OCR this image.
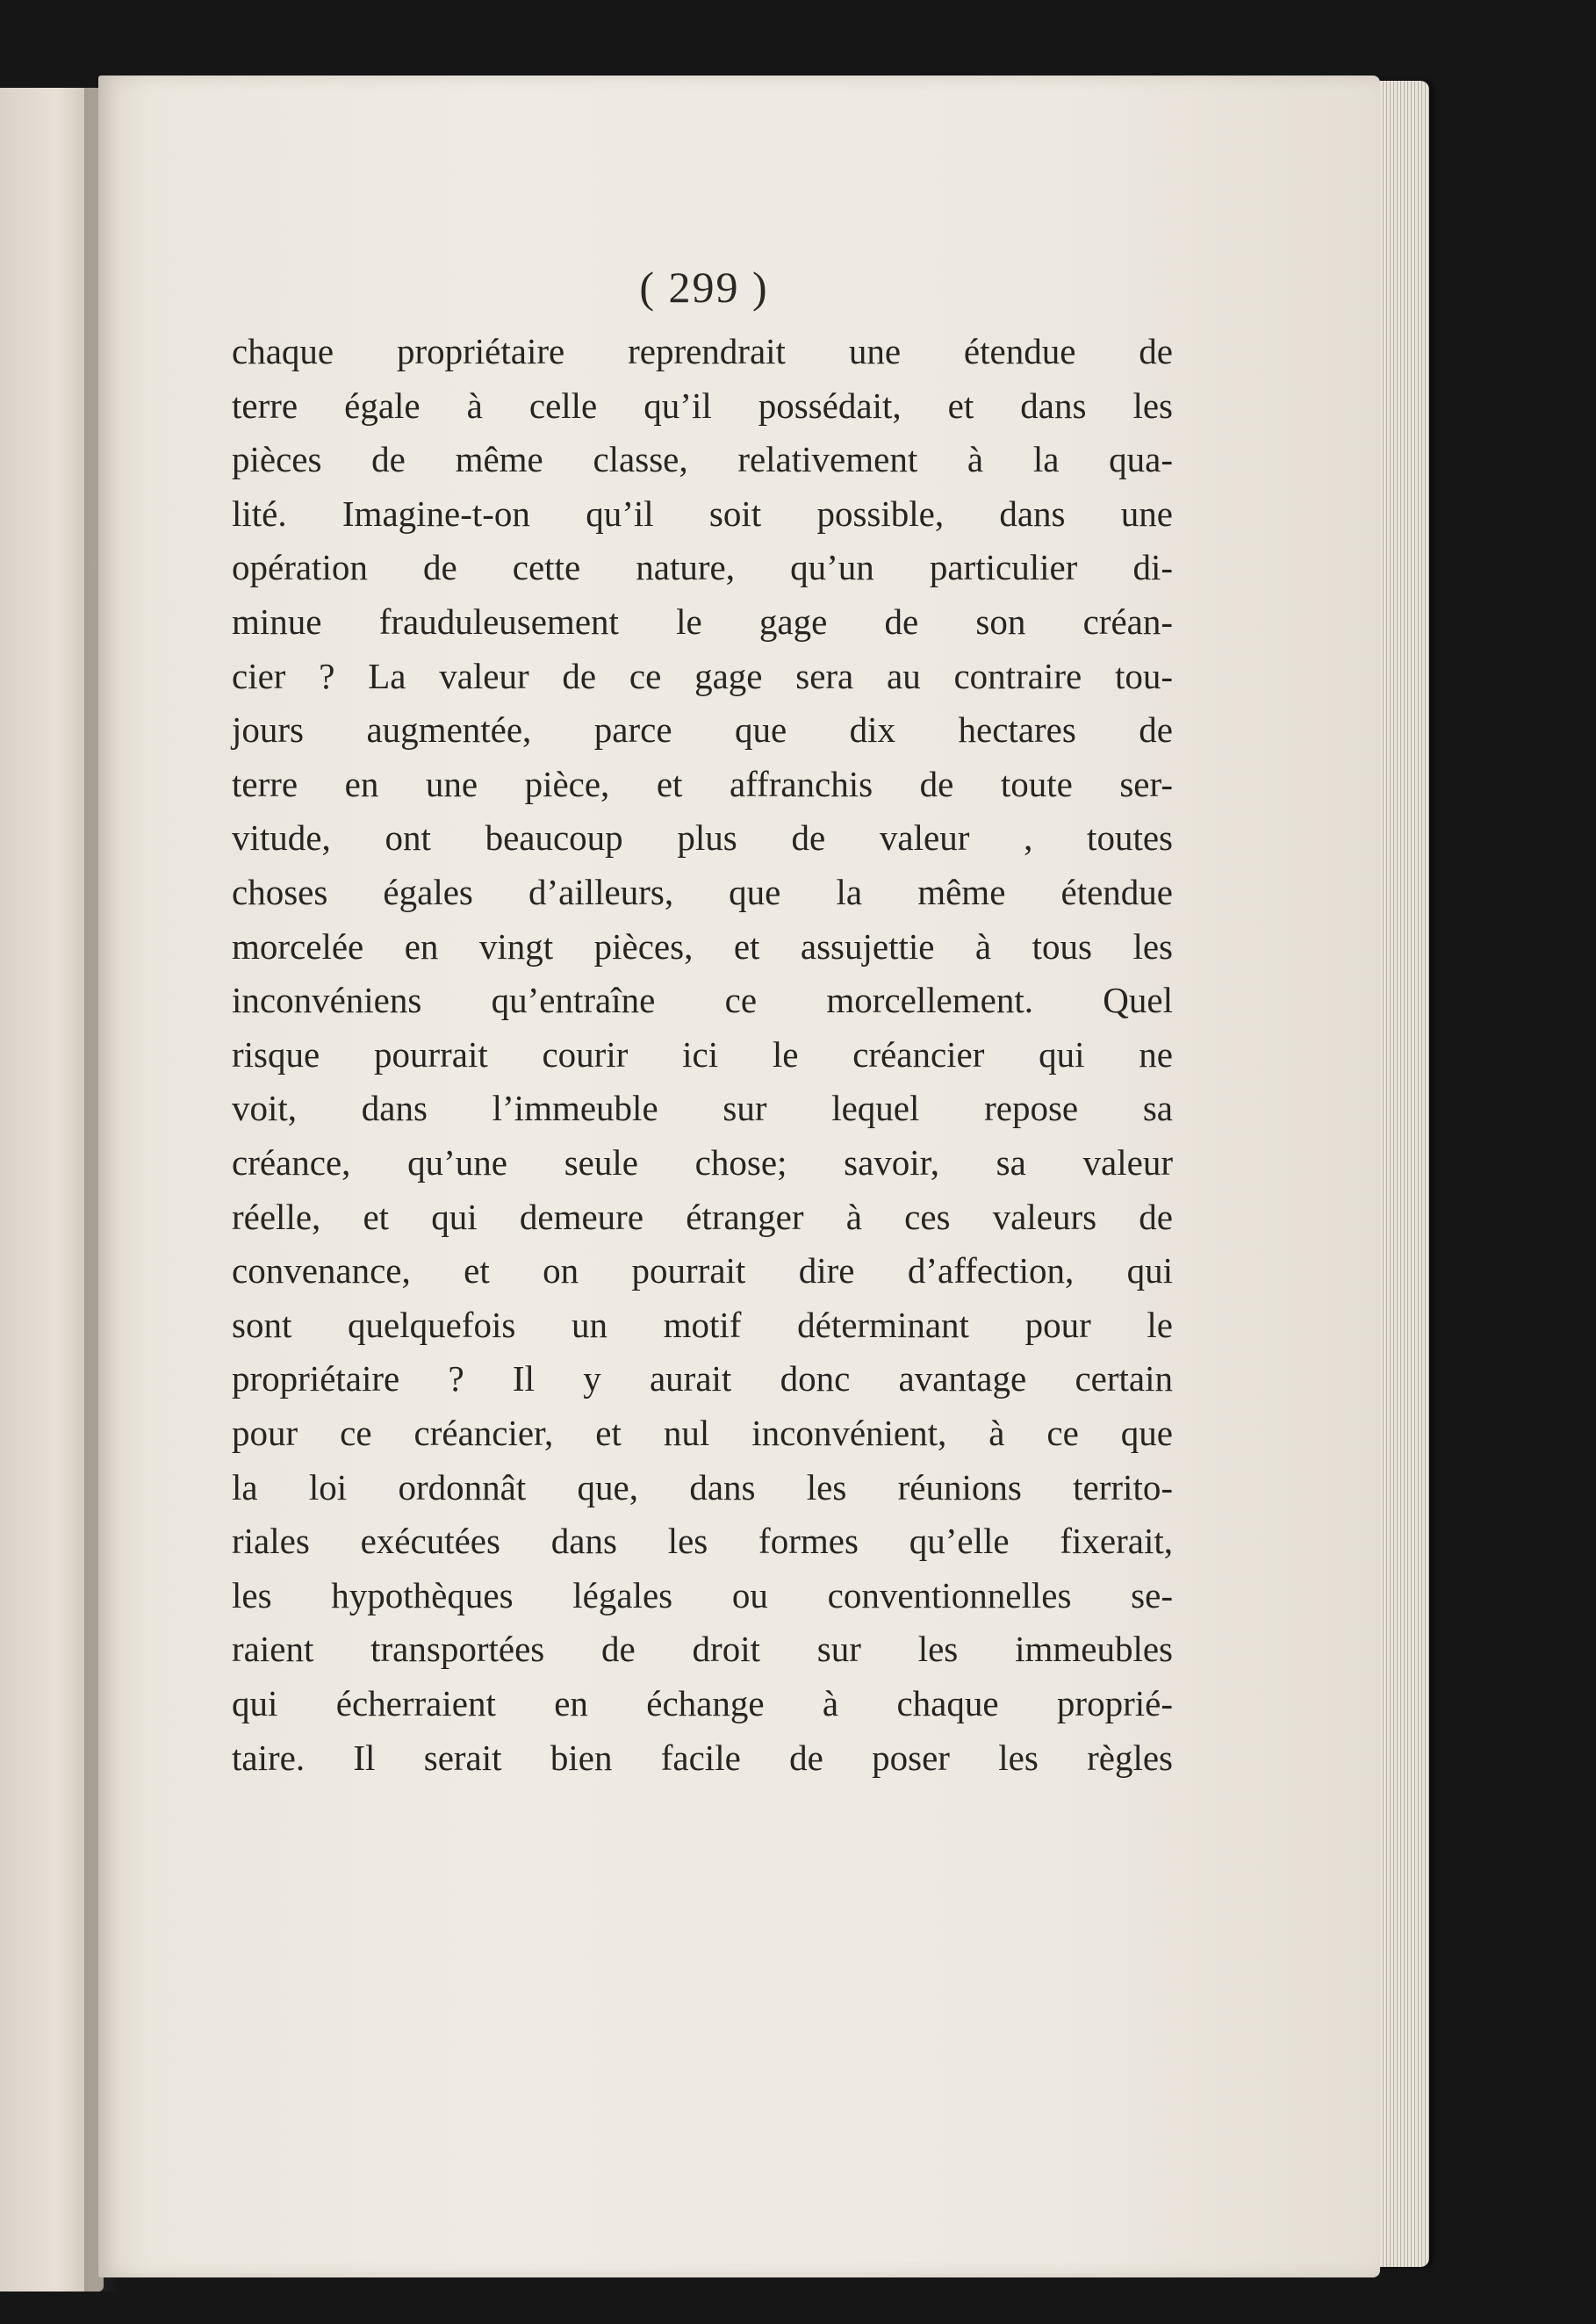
( 299 )
chaque propriétaire reprendrait une étendue de
terre égale à celle qu’il possédait, et dans les
pièces de même classe, relativement à la qua-
lité. Imagine-t-on qu’il soit possible, dans une
opération de cette nature, qu’un particulier di-
minue frauduleusement le gage de son créan-
cier ? La valeur de ce gage sera au contraire tou-
jours augmentée, parce que dix hectares de
terre en une pièce, et affranchis de toute ser-
vitude, ont beaucoup plus de valeur , toutes
choses égales d’ailleurs, que la même étendue
morcelée en vingt pièces, et assujettie à tous les
inconvéniens qu’entraîne ce morcellement. Quel
risque pourrait courir ici le créancier qui ne
voit, dans l’immeuble sur lequel repose sa
créance, qu’une seule chose; savoir, sa valeur
réelle, et qui demeure étranger à ces valeurs de
convenance, et on pourrait dire d’affection, qui
sont quelquefois un motif déterminant pour le
propriétaire ? Il y aurait donc avantage certain
pour ce créancier, et nul inconvénient, à ce que
la loi ordonnât que, dans les réunions territo-
riales exécutées dans les formes qu’elle fixerait,
les hypothèques légales ou conventionnelles se-
raient transportées de droit sur les immeubles
qui écherraient en échange à chaque proprié-
taire. Il serait bien facile de poser les règles
